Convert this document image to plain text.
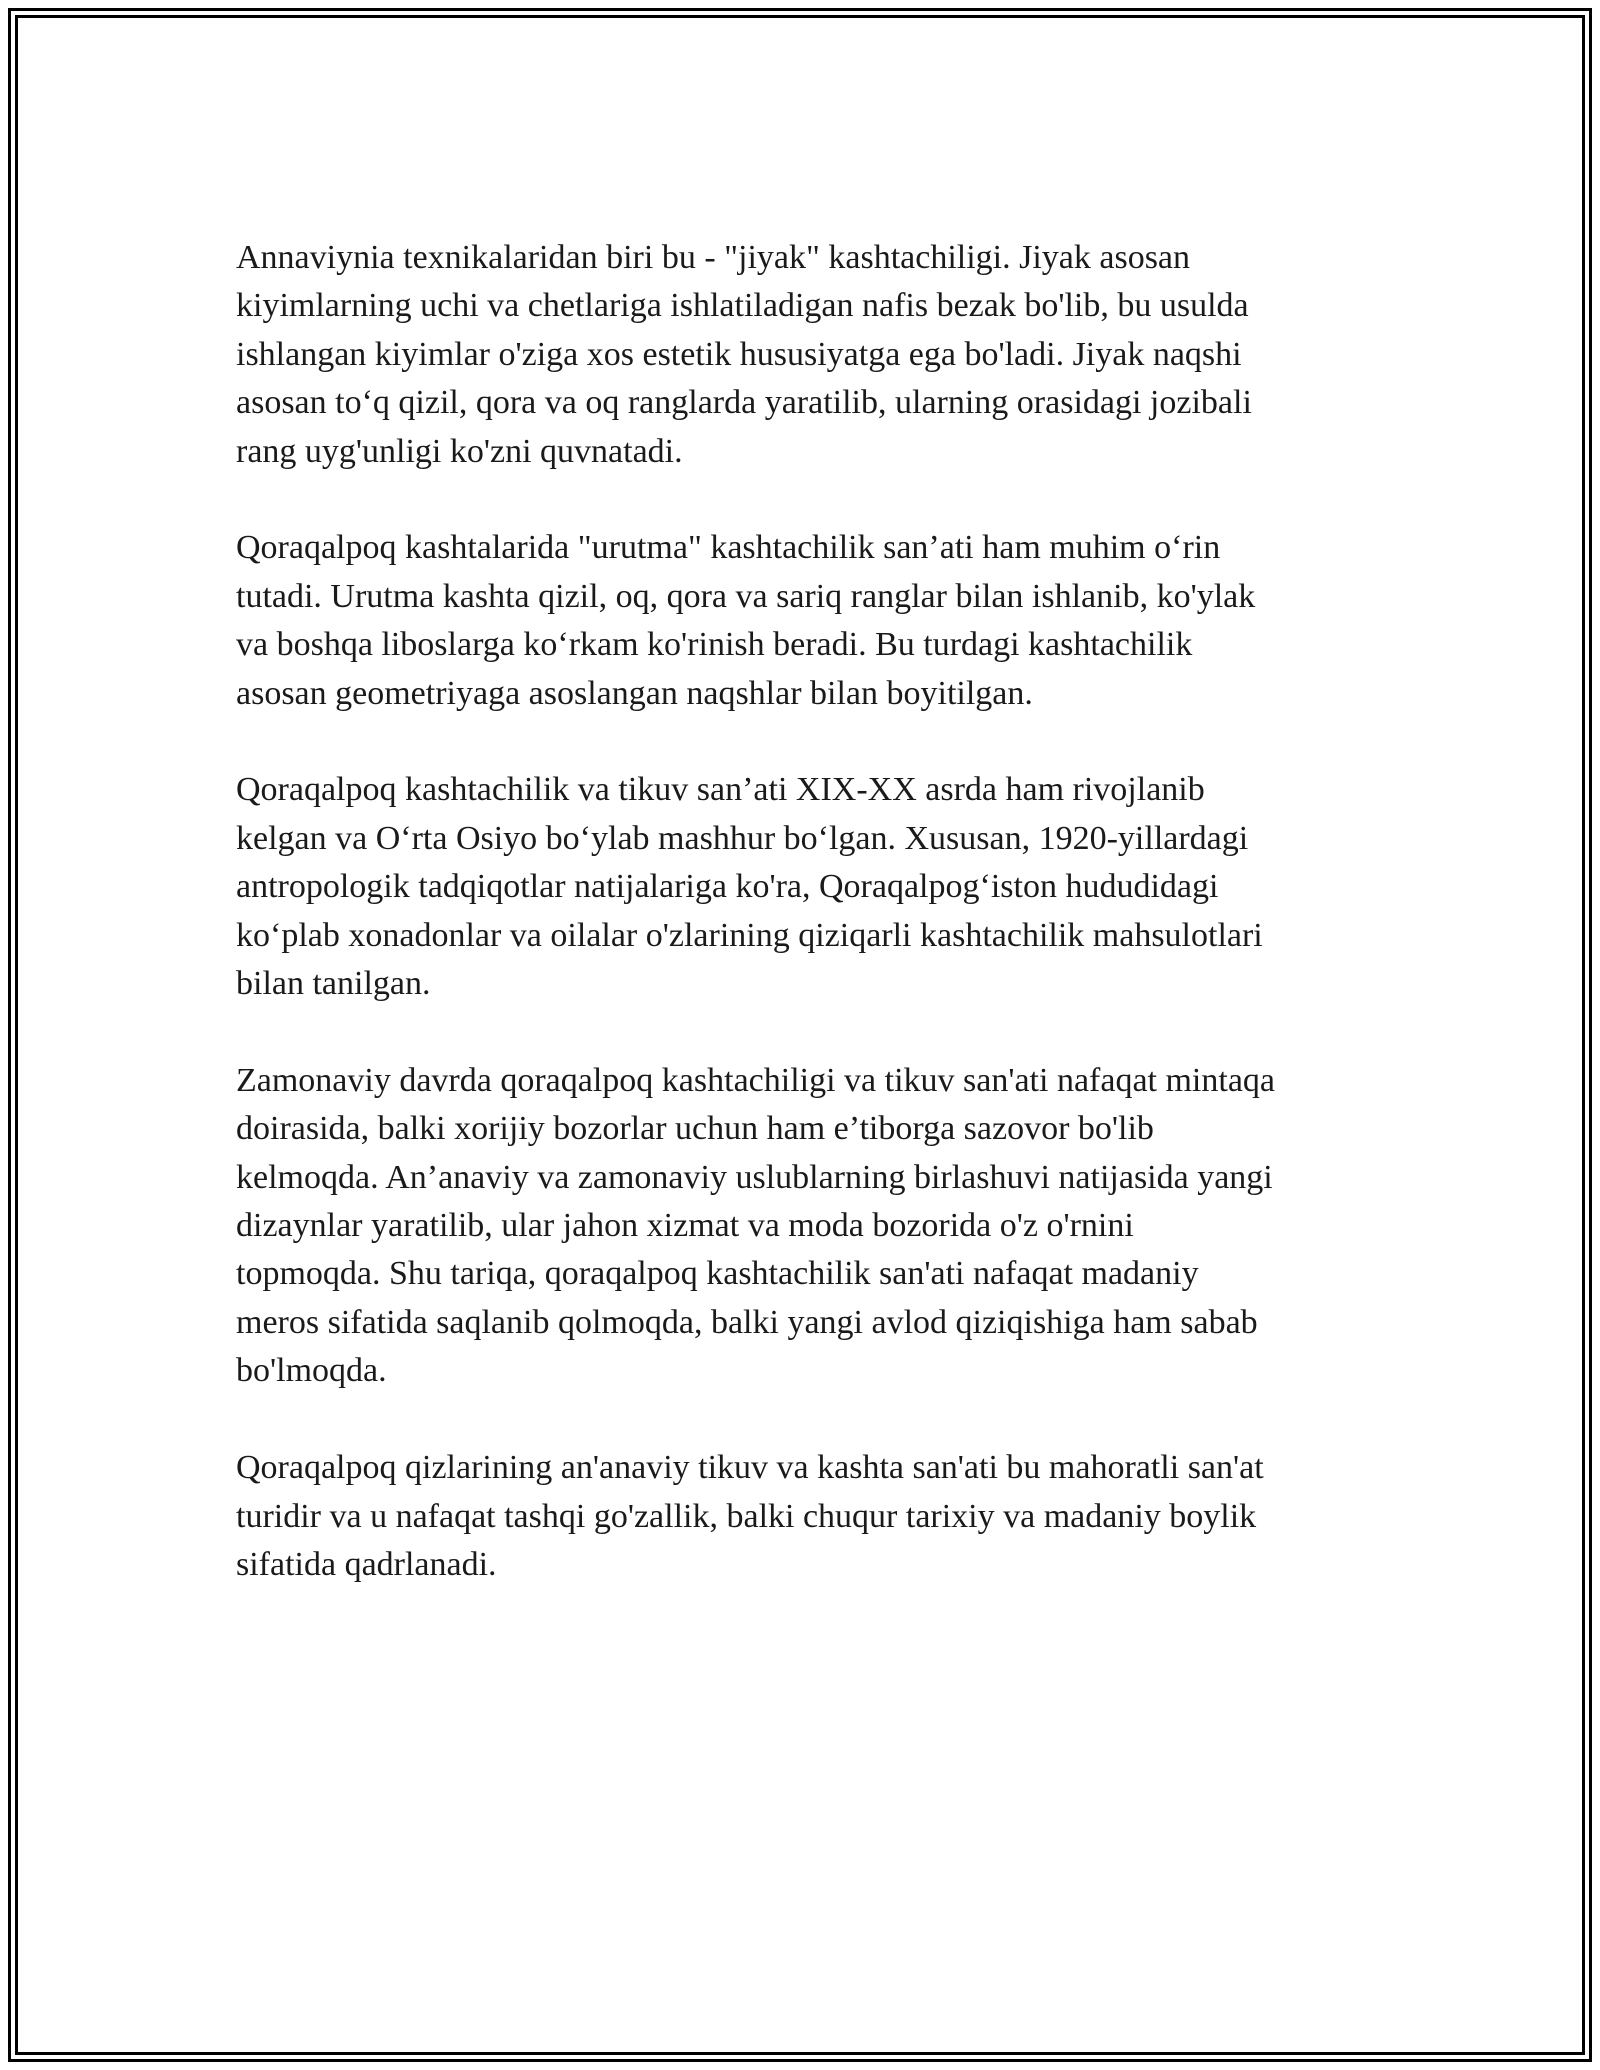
Annaviynia texnikalaridan biri bu - "jiyak" kashtachiligi. Jiyak asosan
kiyimlarning uchi va chetlariga ishlatiladigan nafis bezak bo'lib, bu usulda
ishlangan kiyimlar o'ziga xos estetik hususiyatga ega bo'ladi. Jiyak naqshi
asosan to‘q qizil, qora va oq ranglarda yaratilib, ularning orasidagi jozibali
rang uyg'unligi ko'zni quvnatadi.

Qoraqalpoq kashtalarida "urutma" kashtachilik san’ati ham muhim o‘rin
tutadi. Urutma kashta qizil, oq, qora va sariq ranglar bilan ishlanib, ko'ylak
va boshqa liboslarga ko‘rkam ko'rinish beradi. Bu turdagi kashtachilik
asosan geometriyaga asoslangan naqshlar bilan boyitilgan.

Qoraqalpoq kashtachilik va tikuv san’ati XIX-XX asrda ham rivojlanib
kelgan va O‘rta Osiyo bo‘ylab mashhur bo‘lgan. Xususan, 1920-yillardagi
antropologik tadqiqotlar natijalariga ko'ra, Qoraqalpog‘iston hududidagi
ko‘plab xonadonlar va oilalar o'zlarining qiziqarli kashtachilik mahsulotlari
bilan tanilgan.

Zamonaviy davrda qoraqalpoq kashtachiligi va tikuv san'ati nafaqat mintaqa
doirasida, balki xorijiy bozorlar uchun ham e’tiborga sazovor bo'lib
kelmoqda. An’anaviy va zamonaviy uslublarning birlashuvi natijasida yangi
dizaynlar yaratilib, ular jahon xizmat va moda bozorida o'z o'rnini
topmoqda. Shu tariqa, qoraqalpoq kashtachilik san'ati nafaqat madaniy
meros sifatida saqlanib qolmoqda, balki yangi avlod qiziqishiga ham sabab
bo'lmoqda.

Qoraqalpoq qizlarining an'anaviy tikuv va kashta san'ati bu mahoratli san'at
turidir va u nafaqat tashqi go'zallik, balki chuqur tarixiy va madaniy boylik
sifatida qadrlanadi.
